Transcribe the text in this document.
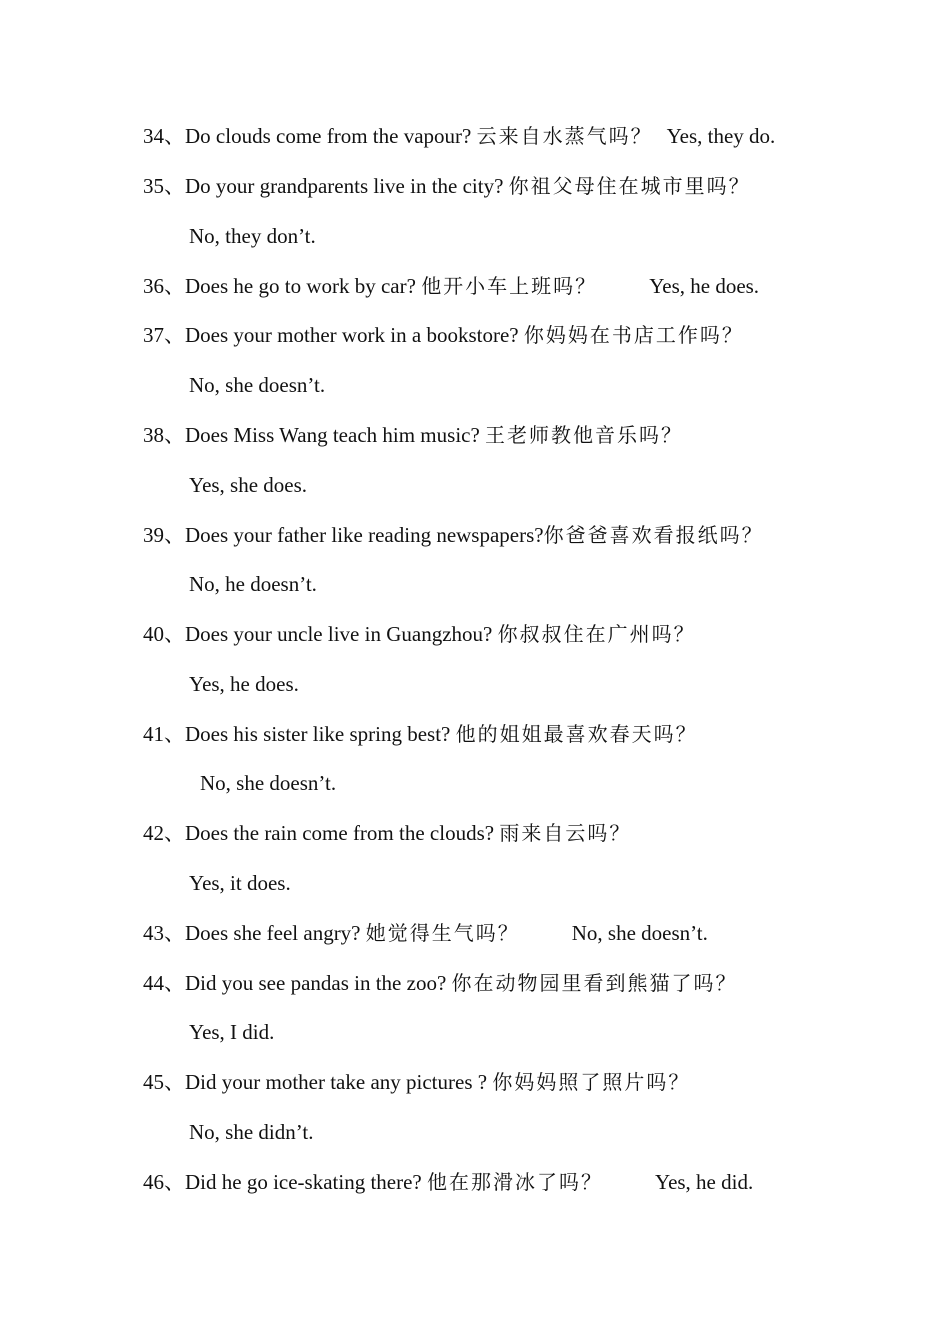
34、Do clouds come from the vapour? 云来自水蒸气吗？ Yes, they do.
35、Do your grandparents live in the city? 你祖父母住在城市里吗？
No, they don’t.
36、Does he go to work by car? 他开小车上班吗？ Yes, he does.
37、Does your mother work in a bookstore? 你妈妈在书店工作吗？
No, she doesn’t.
38、Does Miss Wang teach him music? 王老师教他音乐吗？
Yes, she does.
39、Does your father like reading newspapers?你爸爸喜欢看报纸吗？
No, he doesn’t.
40、Does your uncle live in Guangzhou? 你叔叔住在广州吗？
Yes, he does.
41、Does his sister like spring best? 他的姐姐最喜欢春天吗？
No, she doesn’t.
42、Does the rain come from the clouds? 雨来自云吗？
Yes, it does.
43、Does she feel angry? 她觉得生气吗？ No, she doesn’t.
44、Did you see pandas in the zoo? 你在动物园里看到熊猫了吗？
Yes, I did.
45、Did your mother take any pictures ? 你妈妈照了照片吗？
No, she didn’t.
46、Did he go ice-skating there? 他在那滑冰了吗？ Yes, he did.
